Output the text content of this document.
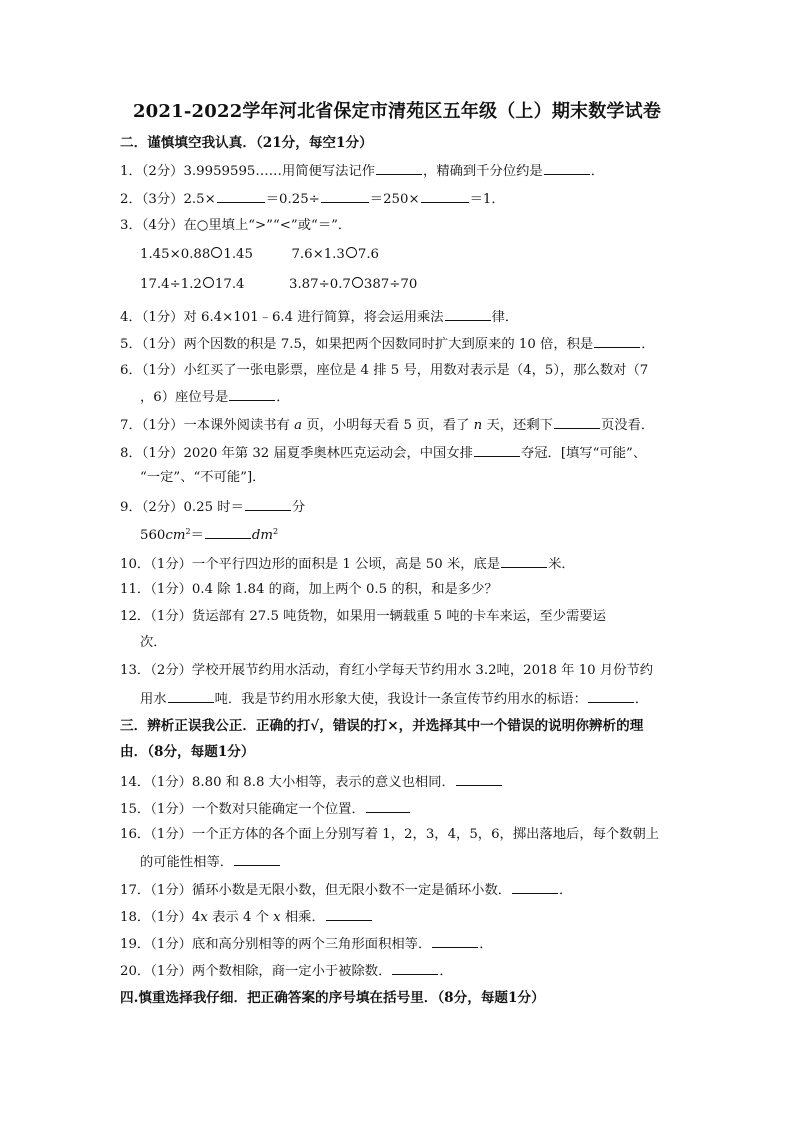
2021-2022学年河北省保定市清苑区五年级（上）期末数学试卷
二．谨慎填空我认真．（21分，每空1分）
1．（2分）3.9959595……用简便写法记作	，精确到千分位约是	．
2．（3分）2.5×	＝0.25÷	＝250×	＝1．
3．（4分）在○里填上“>”“<”或“＝”．
1.45×0.88 1.45	7.6×1.3 7.6
17.4÷1.2 17.4	3.87÷0.7 387÷70
4．（1分）对 6.4×101﹣6.4 进行简算，将会运用乘法	律．
5．（1分）两个因数的积是 7.5，如果把两个因数同时扩大到原来的 10 倍，积是	．
6．（1分）小红买了一张电影票，座位是 4 排 5 号，用数对表示是（4，5），那么数对（7
，6）座位号是	．
7．（1分）一本课外阅读书有 a 页，小明每天看 5 页，看了 n 天，还剩下	页没看．
8．（1分）2020 年第 32 届夏季奥林匹克运动会，中国女排	夺冠．[填写“可能”、
“一定”、“不可能”]．
9．（2分）0.25 时＝	分
$560cm^2=$	$dm^2$
10．（1分）一个平行四边形的面积是 1 公顷，高是 50 米，底是	米．
11．（1分）0.4 除 1.84 的商，加上两个 0.5 的积，和是多少？
12．（1分）货运部有 27.5 吨货物，如果用一辆载重 5 吨的卡车来运，至少需要运
次．
13．（2分）学校开展节约用水活动，育红小学每天节约用水 3.2吨，2018 年 10 月份节约
用水	吨．我是节约用水形象大使，我设计一条宣传节约用水的标语：	．
三．辨析正误我公正．正确的打√，错误的打×，并选择其中一个错误的说明你辨析的理
由．（8分，每题1分）
14．（1分）8.80 和 8.8 大小相等，表示的意义也相同．
15．（1分）一个数对只能确定一个位置．
16．（1分）一个正方体的各个面上分别写着 1，2，3，4，5，6，掷出落地后，每个数朝上
的可能性相等．
17．（1分）循环小数是无限小数，但无限小数不一定是循环小数．	．
18．（1分）4x 表示 4 个 x 相乘．
19．（1分）底和高分别相等的两个三角形面积相等．	．
20．（1分）两个数相除，商一定小于被除数．	．
四.慎重选择我仔细．把正确答案的序号填在括号里．（8分，每题1分）
